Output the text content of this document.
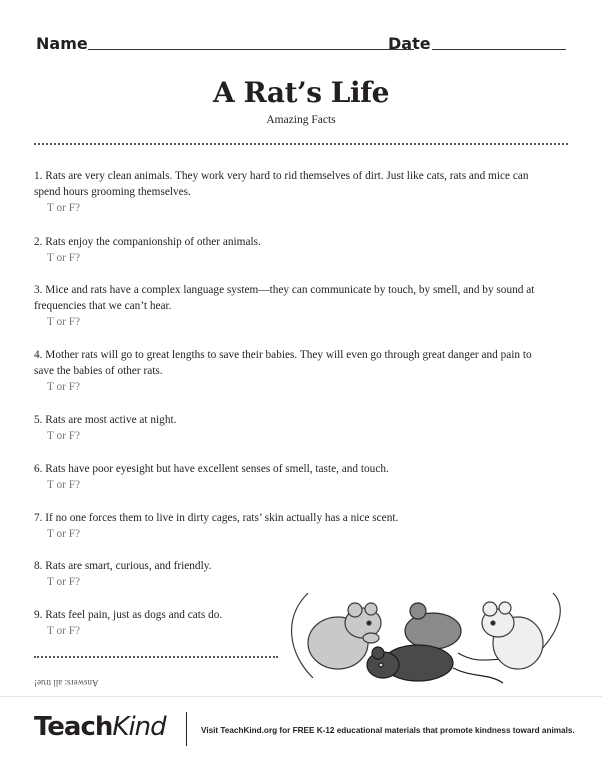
Name	Date
A Rat’s Life
Amazing Facts
1. Rats are very clean animals. They work very hard to rid themselves of dirt. Just like cats, rats and mice can spend hours grooming themselves.
T or F?
2. Rats enjoy the companionship of other animals.
T or F?
3. Mice and rats have a complex language system—they can communicate by touch, by smell, and by sound at frequencies that we can’t hear.
T or F?
4. Mother rats will go to great lengths to save their babies. They will even go through great danger and pain to save the babies of other rats.
T or F?
5. Rats are most active at night.
T or F?
6. Rats have poor eyesight but have excellent senses of smell, taste, and touch.
T or F?
7. If no one forces them to live in dirty cages, rats’ skin actually has a nice scent.
T or F?
8. Rats are smart, curious, and friendly.
T or F?
9. Rats feel pain, just as dogs and cats do.
T or F?
Answers: all true!
TeachKind	Visit TeachKind.org for FREE K-12 educational materials that promote kindness toward animals.
